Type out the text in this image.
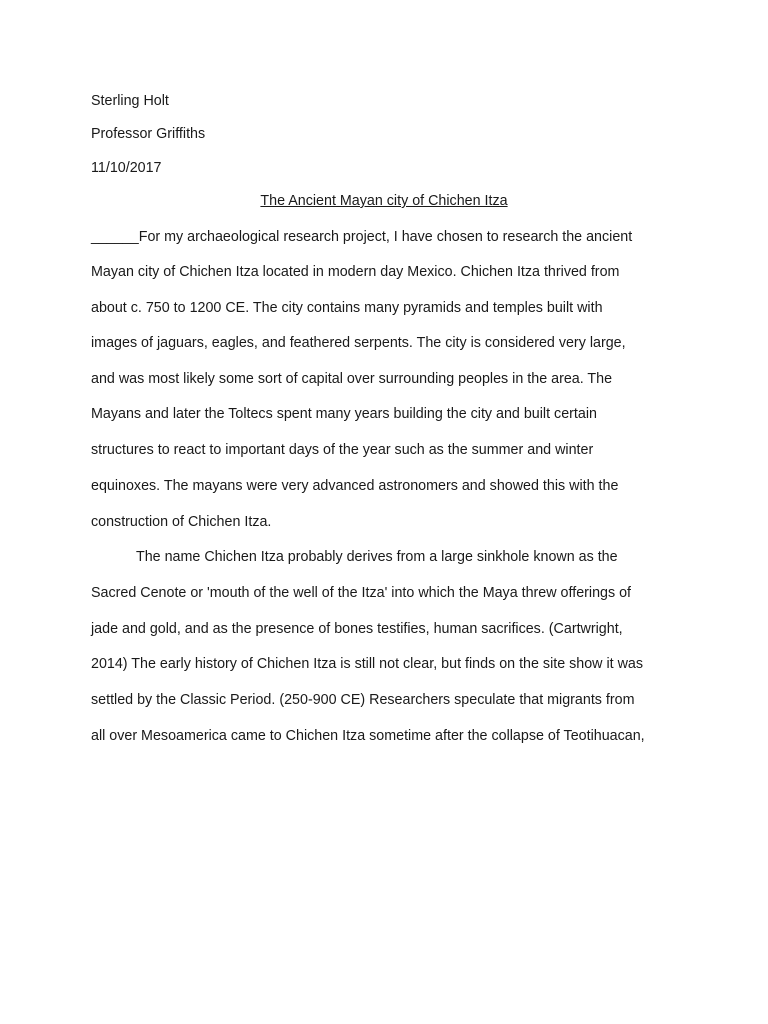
Sterling Holt
Professor Griffiths
11/10/2017
The Ancient Mayan city of Chichen Itza
______For my archaeological research project, I have chosen to research the ancient
Mayan city of Chichen Itza located in modern day Mexico. Chichen Itza thrived from
about c. 750 to 1200 CE. The city contains many pyramids and temples built with
images of jaguars, eagles, and feathered serpents. The city is considered very large,
and was most likely some sort of capital over surrounding peoples in the area. The
Mayans and later the Toltecs spent many years building the city and built certain
structures to react to important days of the year such as the summer and winter
equinoxes. The mayans were very advanced astronomers and showed this with the
construction of Chichen Itza.
The name Chichen Itza probably derives from a large sinkhole known as the
Sacred Cenote or 'mouth of the well of the Itza' into which the Maya threw offerings of
jade and gold, and as the presence of bones testifies, human sacrifices. (Cartwright,
2014) The early history of Chichen Itza is still not clear, but finds on the site show it was
settled by the Classic Period. (250-900 CE) Researchers speculate that migrants from
all over Mesoamerica came to Chichen Itza sometime after the collapse of Teotihuacan,
